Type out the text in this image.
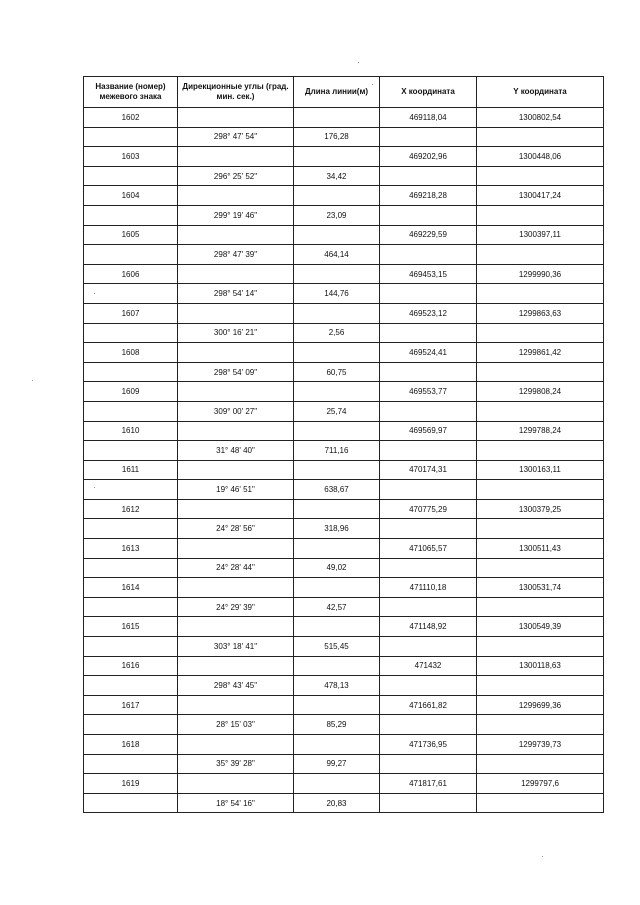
Название (номер) межевого знака	Дирекционные углы (град. мин. сек.)	Длина линии(м)	X координата	Y координата
1602			469118,04	1300802,54
	298° 47' 54"	176,28		
1603			469202,96	1300448,06
	296° 25' 52"	34,42		
1604			469218,28	1300417,24
	299° 19' 46"	23,09		
1605			469229,59	1300397,11
	298° 47' 39"	464,14		
1606			469453,15	1299990,36
	298° 54' 14"	144,76		
1607			469523,12	1299863,63
	300° 16' 21"	2,56		
1608			469524,41	1299861,42
	298° 54' 09"	60,75		
1609			469553,77	1299808,24
	309° 00' 27"	25,74		
1610			469569,97	1299788,24
	31° 48' 40"	711,16		
1611			470174,31	1300163,11
	19° 46' 51"	638,67		
1612			470775,29	1300379,25
	24° 28' 56"	318,96		
1613			471065,57	1300511,43
	24° 28' 44"	49,02		
1614			471110,18	1300531,74
	24° 29' 39"	42,57		
1615			471148,92	1300549,39
	303° 18' 41"	515,45		
1616			471432	1300118,63
	298° 43' 45"	478,13		
1617			471661,82	1299699,36
	28° 15' 03"	85,29		
1618			471736,95	1299739,73
	35° 39' 28"	99,27		
1619			471817,61	1299797,6
	18° 54' 16"	20,83		
